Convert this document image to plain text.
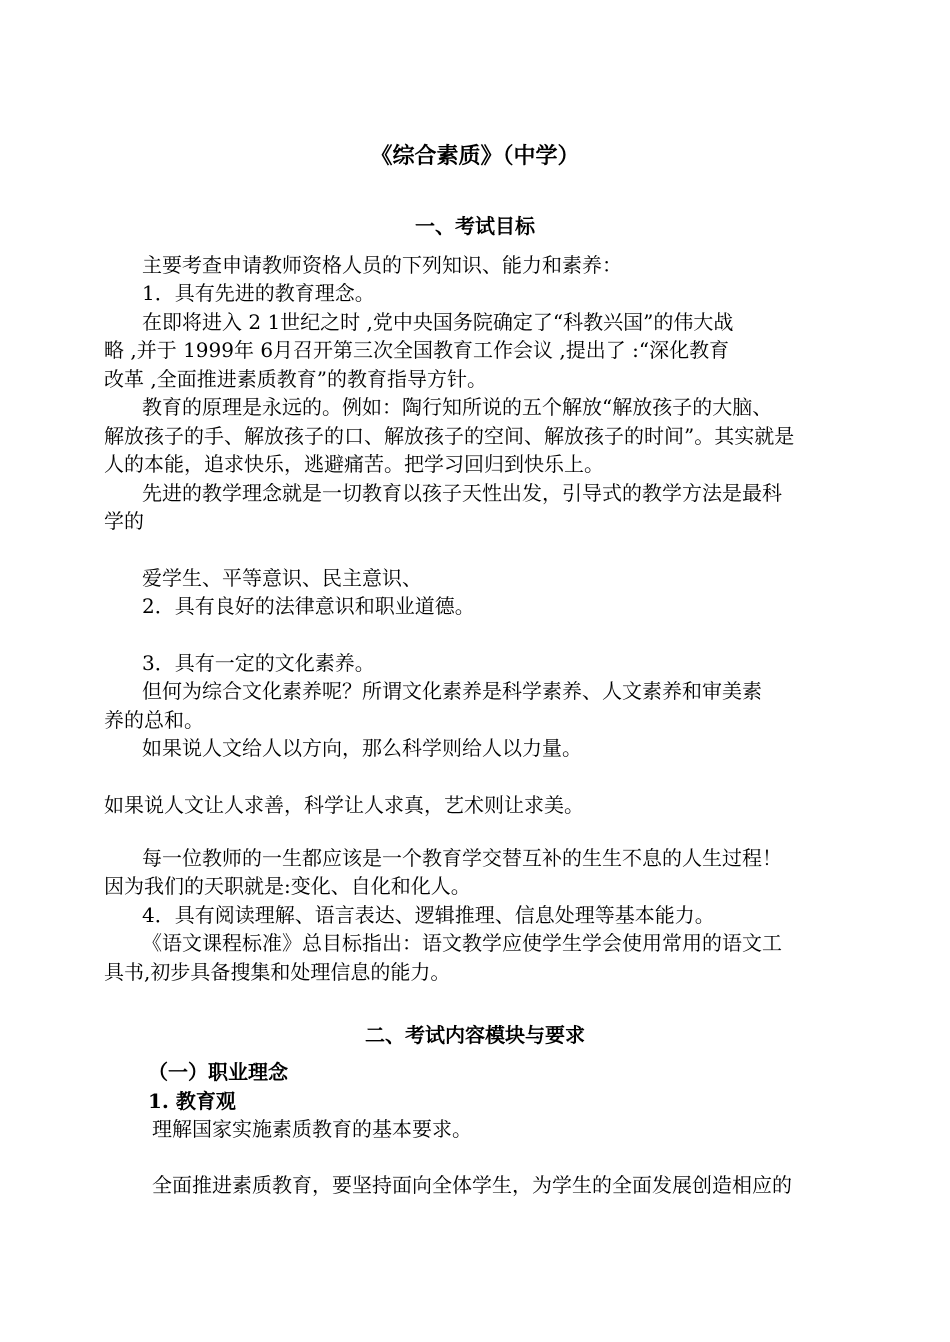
《综合素质》（中学）
一、考试目标
主要考查申请教师资格人员的下列知识、能力和素养：
1．具有先进的教育理念。
在即将进入 2 1世纪之时 ,党中央国务院确定了“科教兴国”的伟大战
略 ,并于 1999年 6月召开第三次全国教育工作会议 ,提出了 :“深化教育
改革 ,全面推进素质教育”的教育指导方针。
教育的原理是永远的。例如：陶行知所说的五个解放“解放孩子的大脑、
解放孩子的手、解放孩子的口、解放孩子的空间、解放孩子的时间”。其实就是
人的本能，追求快乐，逃避痛苦。把学习回归到快乐上。
先进的教学理念就是一切教育以孩子天性出发，引导式的教学方法是最科
学的
爱学生、平等意识、民主意识、
2．具有良好的法律意识和职业道德。
3．具有一定的文化素养。
但何为综合文化素养呢？所谓文化素养是科学素养、人文素养和审美素
养的总和。
如果说人文给人以方向，那么科学则给人以力量。
如果说人文让人求善，科学让人求真，艺术则让求美。
每一位教师的一生都应该是一个教育学交替互补的生生不息的人生过程！
因为我们的天职就是:变化、自化和化人。
4．具有阅读理解、语言表达、逻辑推理、信息处理等基本能力。
《语文课程标准》总目标指出：语文教学应使学生学会使用常用的语文工
具书,初步具备搜集和处理信息的能力。
二、考试内容模块与要求
（一）职业理念
1. 教育观
理解国家实施素质教育的基本要求。
全面推进素质教育，要坚持面向全体学生，为学生的全面发展创造相应的
